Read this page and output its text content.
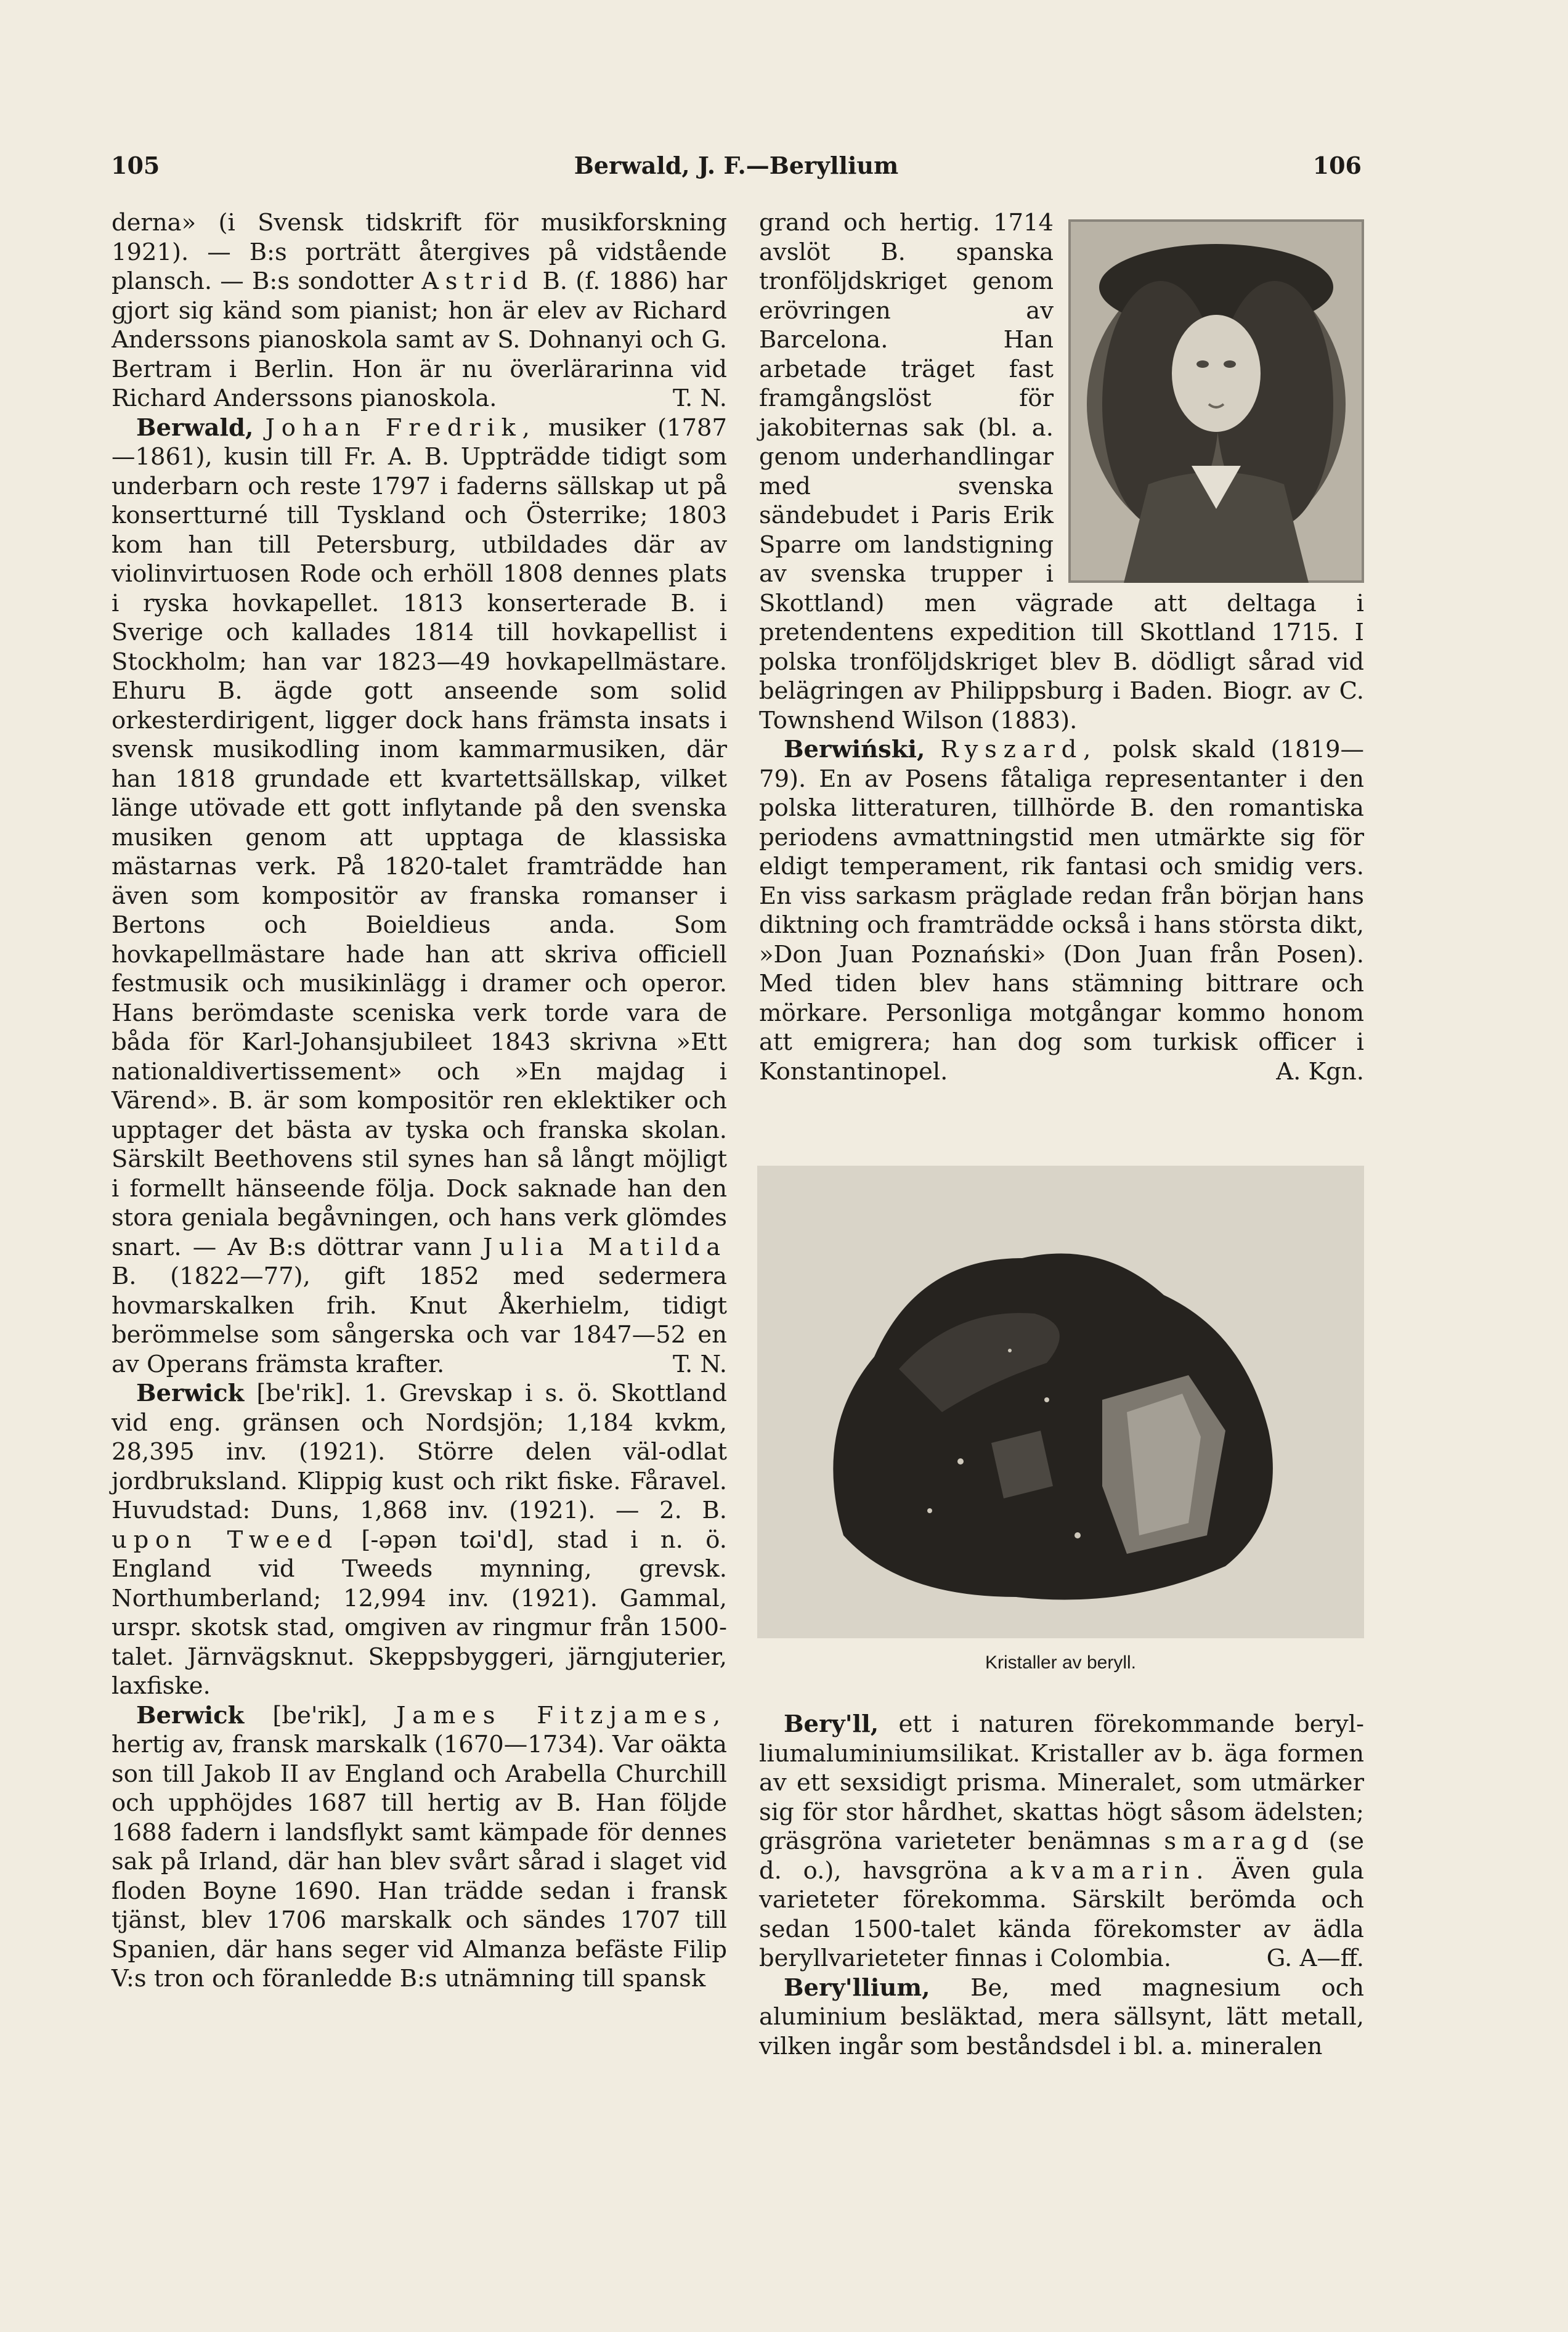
105	Berwald, J. F.—Beryllium	106

derna» (i Svensk tidskrift för musikforskning 1921). — B:s porträtt återgives på vidstående plansch. — B:s sondotter Astrid B. (f. 1886) har gjort sig känd som pianist; hon är elev av Richard Anderssons pianoskola samt av S. Dohnanyi och G. Bertram i Berlin. Hon är nu överlärarinna vid Richard Anderssons pianoskola.	T. N.

Berwald, Johan Fredrik, musiker (1787—1861), kusin till Fr. A. B. Uppträdde tidigt som underbarn och reste 1797 i faderns sällskap ut på konsertturné till Tyskland och Österrike; 1803 kom han till Petersburg, utbildades där av violinvirtuosen Rode och erhöll 1808 dennes plats i ryska hovkapellet. 1813 konserterade B. i Sverige och kallades 1814 till hovkapellist i Stockholm; han var 1823—49 hovkapellmästare. Ehuru B. ägde gott anseende som solid orkesterdirigent, ligger dock hans främsta insats i svensk musikodling inom kammarmusiken, där han 1818 grundade ett kvartettsällskap, vilket länge utövade ett gott inflytande på den svenska musiken genom att upptaga de klassiska mästarnas verk. På 1820-talet framträdde han även som kompositör av franska romanser i Bertons och Boieldieus anda. Som hovkapellmästare hade han att skriva officiell festmusik och musikinlägg i dramer och operor. Hans berömdaste sceniska verk torde vara de båda för Karl-Johansjubileet 1843 skrivna »Ett nationaldivertissement» och »En majdag i Värend». B. är som kompositör ren eklektiker och upptager det bästa av tyska och franska skolan. Särskilt Beethovens stil synes han så långt möjligt i formellt hänseende följa. Dock saknade han den stora geniala begåvningen, och hans verk glömdes snart. — Av B:s döttrar vann Julia Matilda B. (1822—77), gift 1852 med sedermera hovmarskalken frih. Knut Åkerhielm, tidigt berömmelse som sångerska och var 1847—52 en av Operans främsta krafter.	T. N.

Berwick [be'rik]. 1. Grevskap i s. ö. Skottland vid eng. gränsen och Nordsjön; 1,184 kvkm, 28,395 inv. (1921). Större delen väl-odlat jordbruksland. Klippig kust och rikt fiske. Fåravel. Huvudstad: Duns, 1,868 inv. (1921). — 2. B. upon Tweed [-əpən tɷi'd], stad i n. ö. England vid Tweeds mynning, grevsk. Northumberland; 12,994 inv. (1921). Gammal, urspr. skotsk stad, omgiven av ringmur från 1500-talet. Järnvägsknut. Skeppsbyggeri, järngjuterier, laxfiske.

Berwick [be'rik], James Fitzjames, hertig av, fransk marskalk (1670—1734). Var oäkta son till Jakob II av England och Arabella Churchill och upphöjdes 1687 till hertig av B. Han följde 1688 fadern i landsflykt samt kämpade för dennes sak på Irland, där han blev svårt sårad i slaget vid floden Boyne 1690. Han trädde sedan i fransk tjänst, blev 1706 marskalk och sändes 1707 till Spanien, där hans seger vid Almanza befäste Filip V:s tron och föranledde B:s utnämning till spansk

grand och hertig. 1714 avslöt B. spanska tronföljdskriget genom erövringen av Barcelona. Han arbetade träget fast framgångslöst för jakobiternas sak (bl. a. genom underhandlingar med svenska sändebudet i Paris Erik Sparre om landstigning av svenska trupper i Skottland) men vägrade att deltaga i pretendentens expedition till Skottland 1715. I polska tronföljdskriget blev B. dödligt sårad vid belägringen av Philippsburg i Baden. Biogr. av C. Townshend Wilson (1883).

Berwiński, Ryszard, polsk skald (1819—79). En av Posens fåtaliga representanter i den polska litteraturen, tillhörde B. den romantiska periodens avmattningstid men utmärkte sig för eldigt temperament, rik fantasi och smidig vers. En viss sarkasm präglade redan från början hans diktning och framträdde också i hans största dikt, »Don Juan Poznański» (Don Juan från Posen). Med tiden blev hans stämning bittrare och mörkare. Personliga motgångar kommo honom att emigrera; han dog som turkisk officer i Konstantinopel.	A. Kgn.

Kristaller av beryll.

Bery'll, ett i naturen förekommande beryl-liumaluminiumsilikat. Kristaller av b. äga formen av ett sexsidigt prisma. Mineralet, som utmärker sig för stor hårdhet, skattas högt såsom ädelsten; gräsgröna varieteter benämnas smaragd (se d. o.), havsgröna akvamarin. Även gula varieteter förekomma. Särskilt berömda och sedan 1500-talet kända förekomster av ädla beryllvarieteter finnas i Colombia.	G. A—ff.

Bery'llium, Be, med magnesium och aluminium besläktad, mera sällsynt, lätt metall, vilken ingår som beståndsdel i bl. a. mineralen
